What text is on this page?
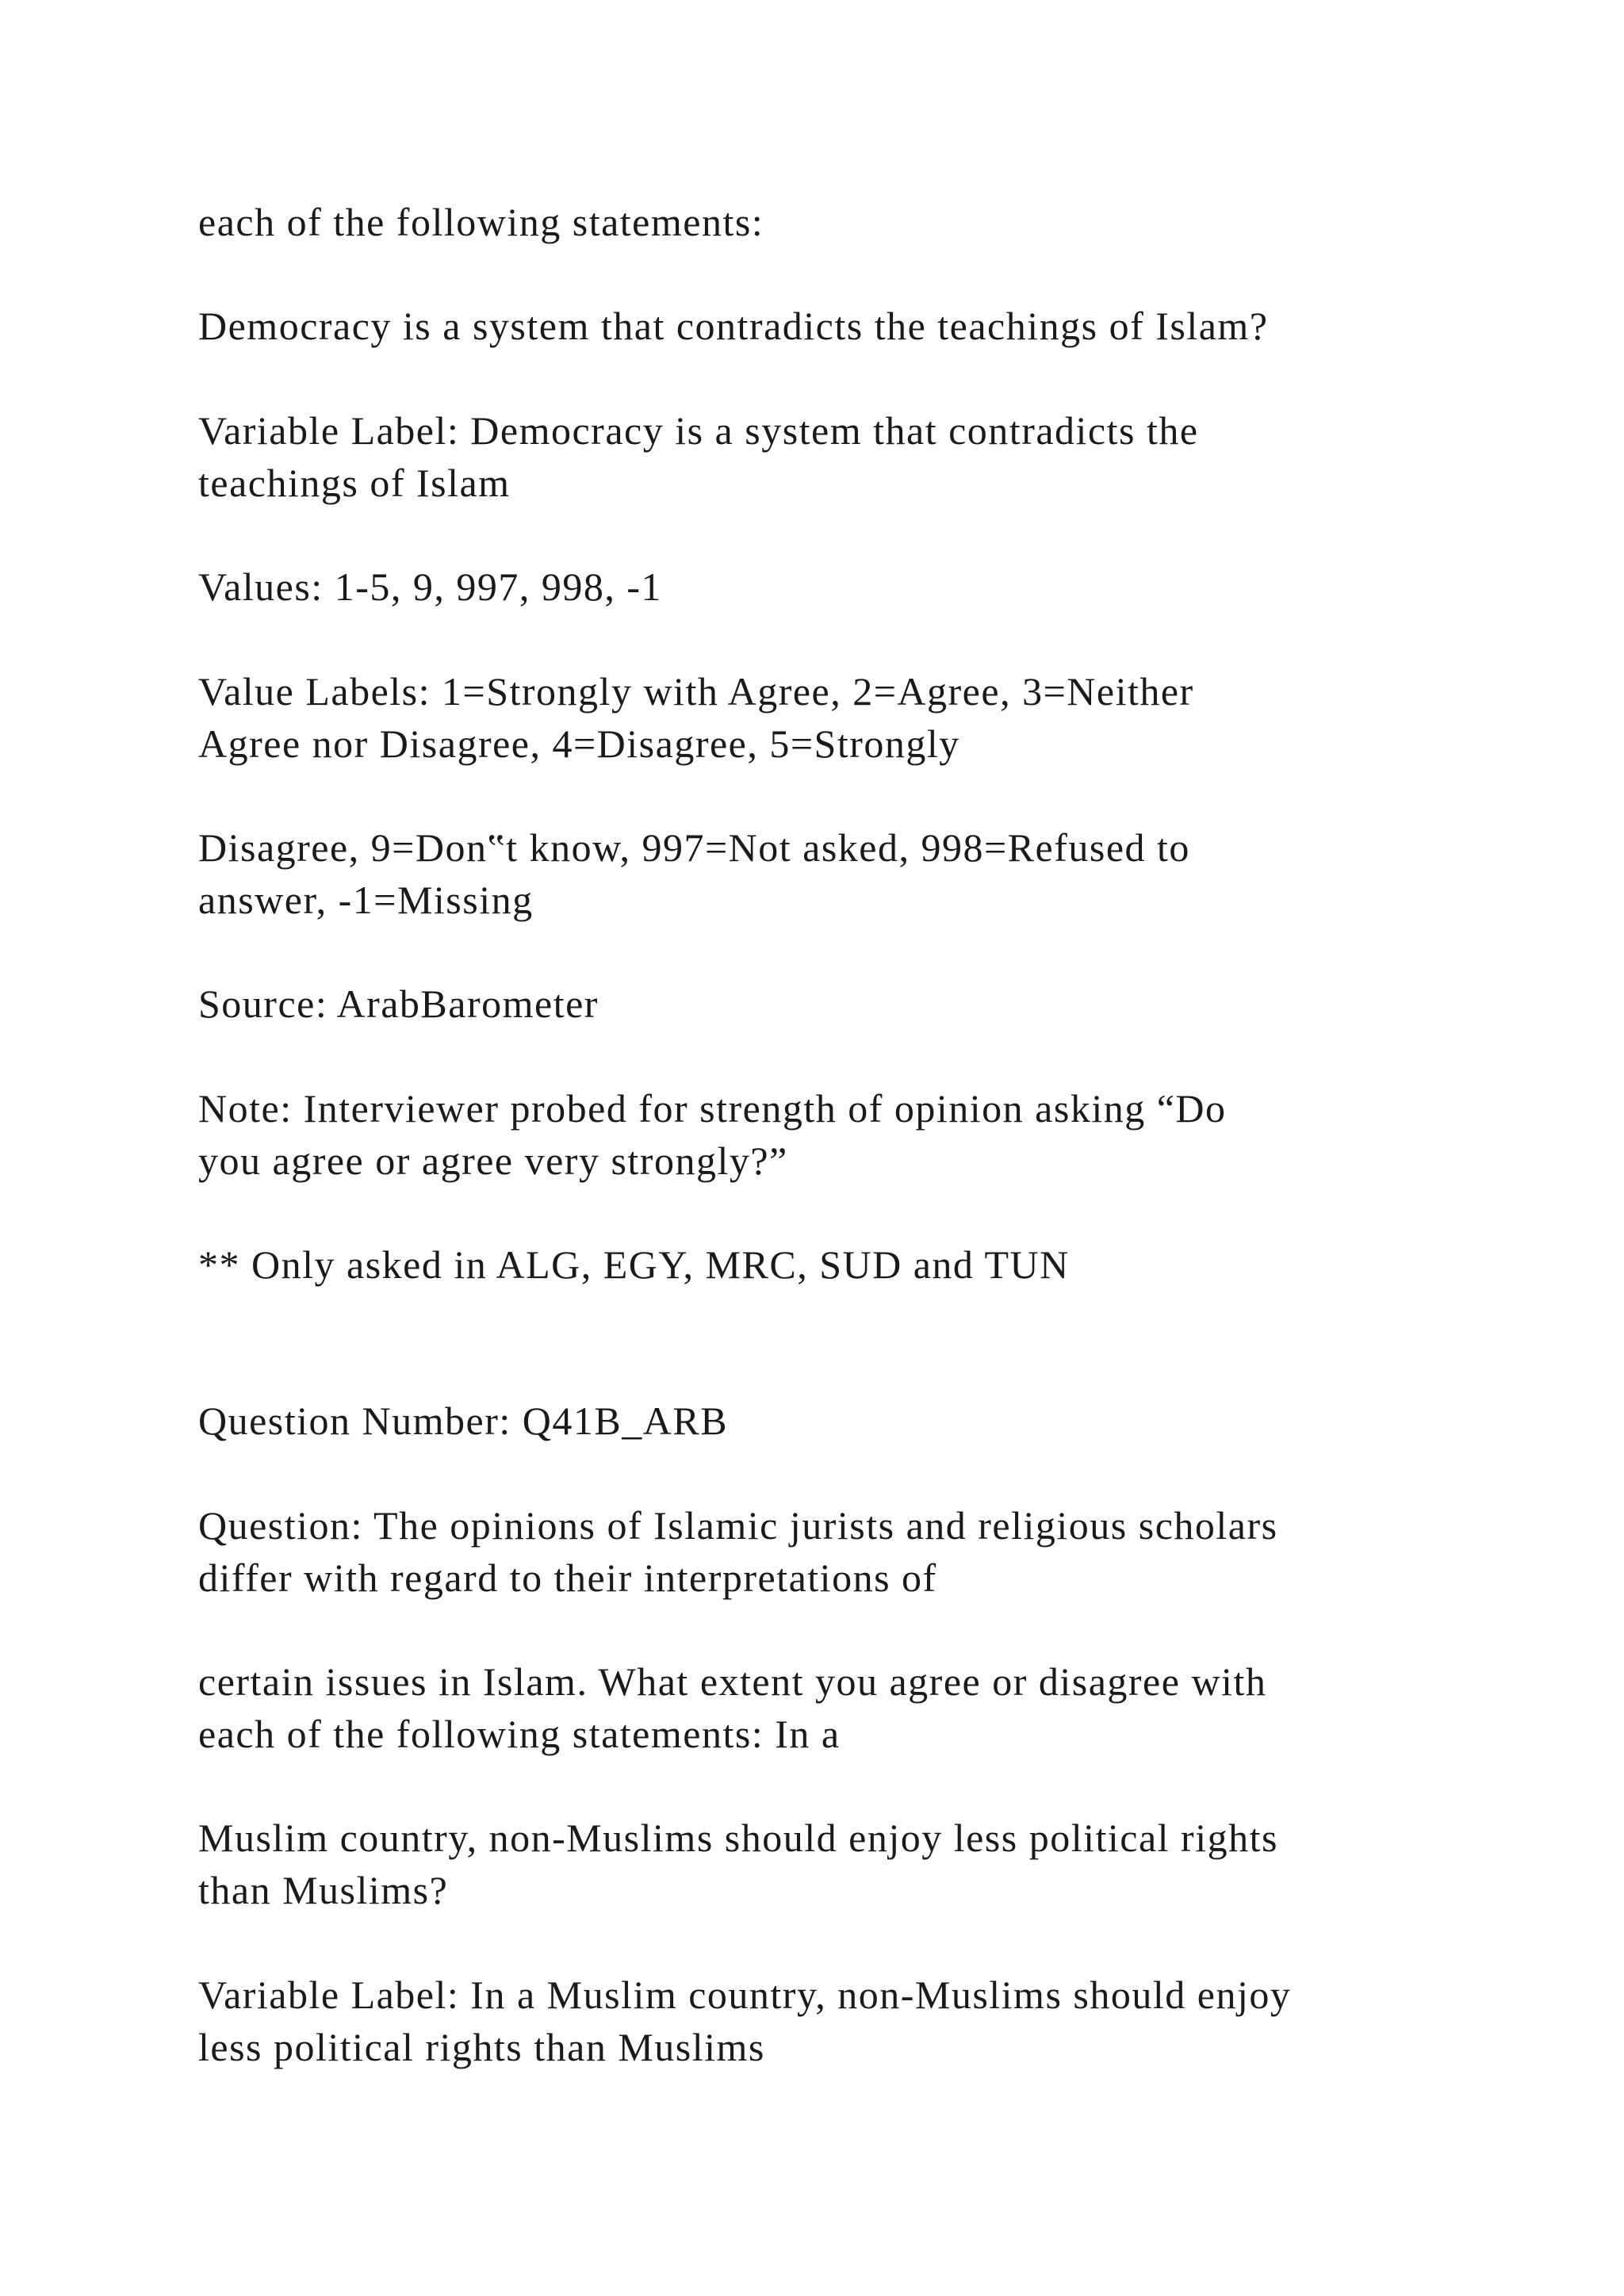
each of the following statements:

Democracy is a system that contradicts the teachings of Islam?

Variable Label: Democracy is a system that contradicts the

teachings of Islam

Values: 1-5, 9, 997, 998, -1

Value Labels: 1=Strongly with Agree, 2=Agree, 3=Neither

Agree nor Disagree, 4=Disagree, 5=Strongly

Disagree, 9=Don‟t know, 997=Not asked, 998=Refused to

answer, -1=Missing

Source: ArabBarometer

Note: Interviewer probed for strength of opinion asking “Do

you agree or agree very strongly?”

** Only asked in ALG, EGY, MRC, SUD and TUN

Question Number: Q41B_ARB

Question: The opinions of Islamic jurists and religious scholars

differ with regard to their interpretations of

certain issues in Islam. What extent you agree or disagree with

each of the following statements: In a

Muslim country, non-Muslims should enjoy less political rights

than Muslims?

Variable Label: In a Muslim country, non-Muslims should enjoy

less political rights than Muslims
